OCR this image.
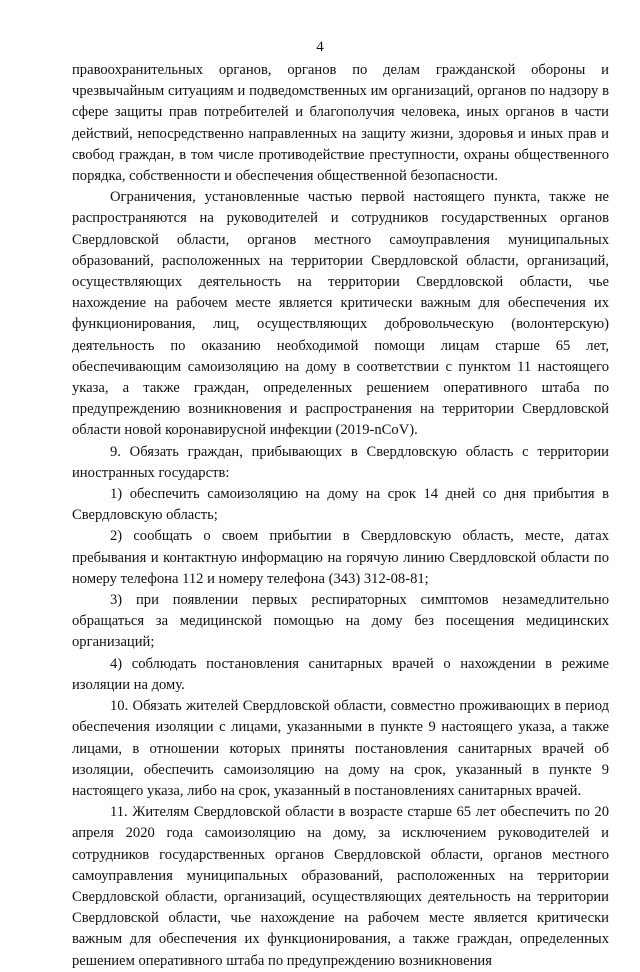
4

правоохранительных органов, органов по делам гражданской обороны и чрезвычайным ситуациям и подведомственных им организаций, органов по надзору в сфере защиты прав потребителей и благополучия человека, иных органов в части действий, непосредственно направленных на защиту жизни, здоровья и иных прав и свобод граждан, в том числе противодействие преступности, охраны общественного порядка, собственности и обеспечения общественной безопасности.

Ограничения, установленные частью первой настоящего пункта, также не распространяются на руководителей и сотрудников государственных органов Свердловской области, органов местного самоуправления муниципальных образований, расположенных на территории Свердловской области, организаций, осуществляющих деятельность на территории Свердловской области, чье нахождение на рабочем месте является критически важным для обеспечения их функционирования, лиц, осуществляющих добровольческую (волонтерскую) деятельность по оказанию необходимой помощи лицам старше 65 лет, обеспечивающим самоизоляцию на дому в соответствии с пунктом 11 настоящего указа, а также граждан, определенных решением оперативного штаба по предупреждению возникновения и распространения на территории Свердловской области новой коронавирусной инфекции (2019-nCoV).

9. Обязать граждан, прибывающих в Свердловскую область с территории иностранных государств:

1) обеспечить самоизоляцию на дому на срок 14 дней со дня прибытия в Свердловскую область;

2) сообщать о своем прибытии в Свердловскую область, месте, датах пребывания и контактную информацию на горячую линию Свердловской области по номеру телефона 112 и номеру телефона (343) 312-08-81;

3) при появлении первых респираторных симптомов незамедлительно обращаться за медицинской помощью на дому без посещения медицинских организаций;

4) соблюдать постановления санитарных врачей о нахождении в режиме изоляции на дому.

10. Обязать жителей Свердловской области, совместно проживающих в период обеспечения изоляции с лицами, указанными в пункте 9 настоящего указа, а также лицами, в отношении которых приняты постановления санитарных врачей об изоляции, обеспечить самоизоляцию на дому на срок, указанный в пункте 9 настоящего указа, либо на срок, указанный в постановлениях санитарных врачей.

11. Жителям Свердловской области в возрасте старше 65 лет обеспечить по 20 апреля 2020 года самоизоляцию на дому, за исключением руководителей и сотрудников государственных органов Свердловской области, органов местного самоуправления муниципальных образований, расположенных на территории Свердловской области, организаций, осуществляющих деятельность на территории Свердловской области, чье нахождение на рабочем месте является критически важным для обеспечения их функционирования, а также граждан, определенных решением оперативного штаба по предупреждению возникновения
